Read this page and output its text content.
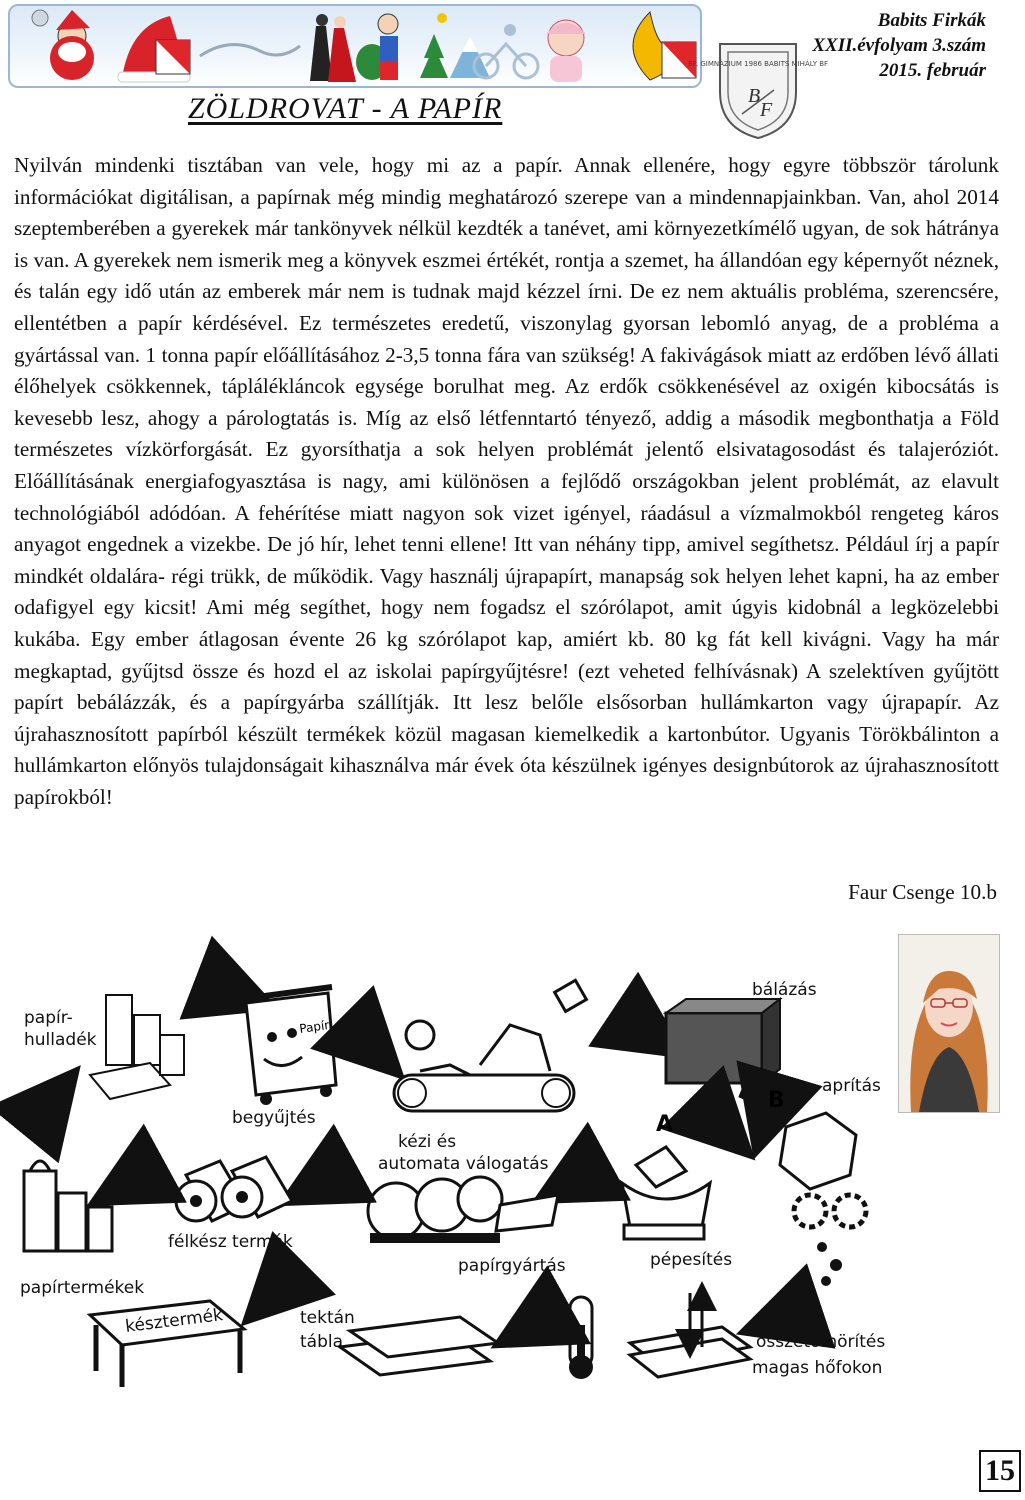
BP. GIMNÁZIUM 1986 BABITS MIHÁLY BF
B
F
Babits Firkák
XXII.évfolyam 3.szám
2015. február
ZÖLDROVAT - A PAPÍR

Nyilván mindenki tisztában van vele, hogy mi az a papír. Annak ellenére, hogy egyre többször tárolunk információkat digitálisan, a papírnak még mindig meghatározó szerepe van a mindennapjainkban. Van, ahol 2014 szeptemberében a gyerekek már tankönyvek nélkül kezdték a tanévet, ami környezetkímélő ugyan, de sok hátránya is van. A gyerekek nem ismerik meg a könyvek eszmei értékét, rontja a szemet, ha állandóan egy képernyőt néznek, és talán egy idő után az emberek már nem is tudnak majd kézzel írni. De ez nem aktuális probléma, szerencsére, ellentétben a papír kérdésével. Ez természetes eredetű, viszonylag gyorsan lebomló anyag, de a probléma a gyártással van. 1 tonna papír előállításához 2-3,5 tonna fára van szükség! A fakivágások miatt az erdőben lévő állati élőhelyek csökkennek, táplálékláncok egysége borulhat meg. Az erdők csökkenésével az oxigén kibocsátás is kevesebb lesz, ahogy a párologtatás is. Míg az első létfenntartó tényező, addig a második megbonthatja a Föld természetes vízkörforgását. Ez gyorsíthatja a sok helyen problémát jelentő elsivatagosodást és talajeróziót. Előállításának energiafogyasztása is nagy, ami különösen a fejlődő országokban jelent problémát, az elavult technológiából adódóan. A fehérítése miatt nagyon sok vizet igényel, ráadásul a vízmalmokból rengeteg káros anyagot engednek a vizekbe. De jó hír, lehet tenni ellene! Itt van néhány tipp, amivel segíthetsz. Például írj a papír mindkét oldalára- régi trükk, de működik. Vagy használj újrapapírt, manapság sok helyen lehet kapni, ha az ember odafigyel egy kicsit! Ami még segíthet, hogy nem fogadsz el szórólapot, amit úgyis kidobnál a legközelebbi kukába. Egy ember átlagosan évente 26 kg szórólapot kap, amiért kb. 80 kg fát kell kivágni. Vagy ha már megkaptad, gyűjtsd össze és hozd el az iskolai papírgyűjtésre! (ezt veheted felhívásnak) A szelektíven gyűjtött papírt bebálázzák, és a papírgyárba szállítják. Itt lesz belőle elsősorban hullámkarton vagy újrapapír. Az újrahasznosított papírból készült termékek közül magasan kiemelkedik a kartonbútor. Ugyanis Törökbálinton a hullámkarton előnyös tulajdonságait kihasználva már évek óta készülnek igényes designbútorok az újrahasznosított papírokból!

Faur Csenge 10.b
papír-
hulladék
Papír
begyűjtés
kézi és
automata válogatás
bálázás
A
B
aprítás
pépesítés
papírgyártás
félkész termék
papírtermékek
összetömörítés
magas hőfokon
tektán
tábla
késztermék
15
